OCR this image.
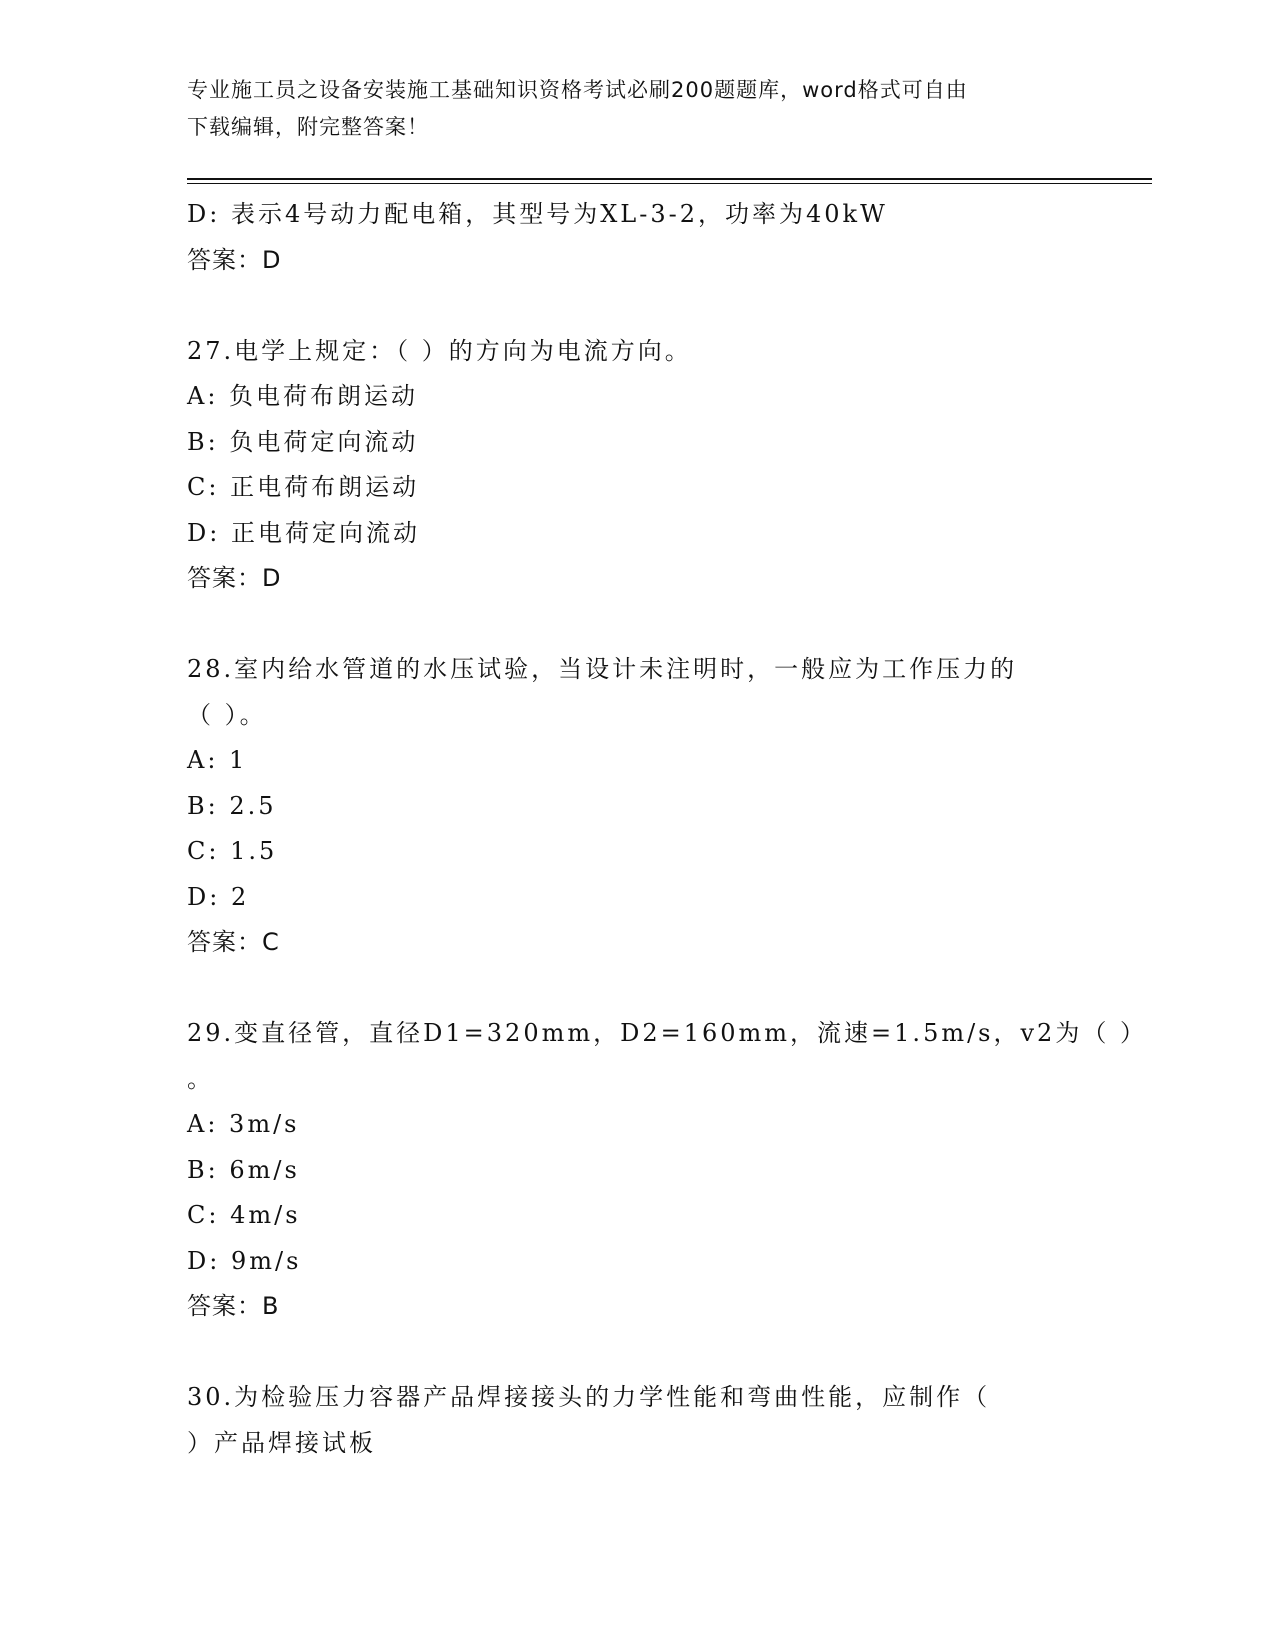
专业施工员之设备安装施工基础知识资格考试必刷200题题库，word格式可自由
下载编辑，附完整答案！
D: 表示4号动力配电箱，其型号为XL-3-2，功率为40kW
答案：D
27.电学上规定：（ ）的方向为电流方向。
A: 负电荷布朗运动
B: 负电荷定向流动
C: 正电荷布朗运动
D: 正电荷定向流动
答案：D
28.室内给水管道的水压试验，当设计未注明时，一般应为工作压力的
（ ）。
A: 1
B: 2.5
C: 1.5
D: 2
答案：C
29.变直径管，直径D1=320mm，D2=160mm，流速=1.5m/s，v2为（ ）
。
A: 3m/s
B: 6m/s
C: 4m/s
D: 9m/s
答案：B
30.为检验压力容器产品焊接接头的力学性能和弯曲性能，应制作（
）产品焊接试板
